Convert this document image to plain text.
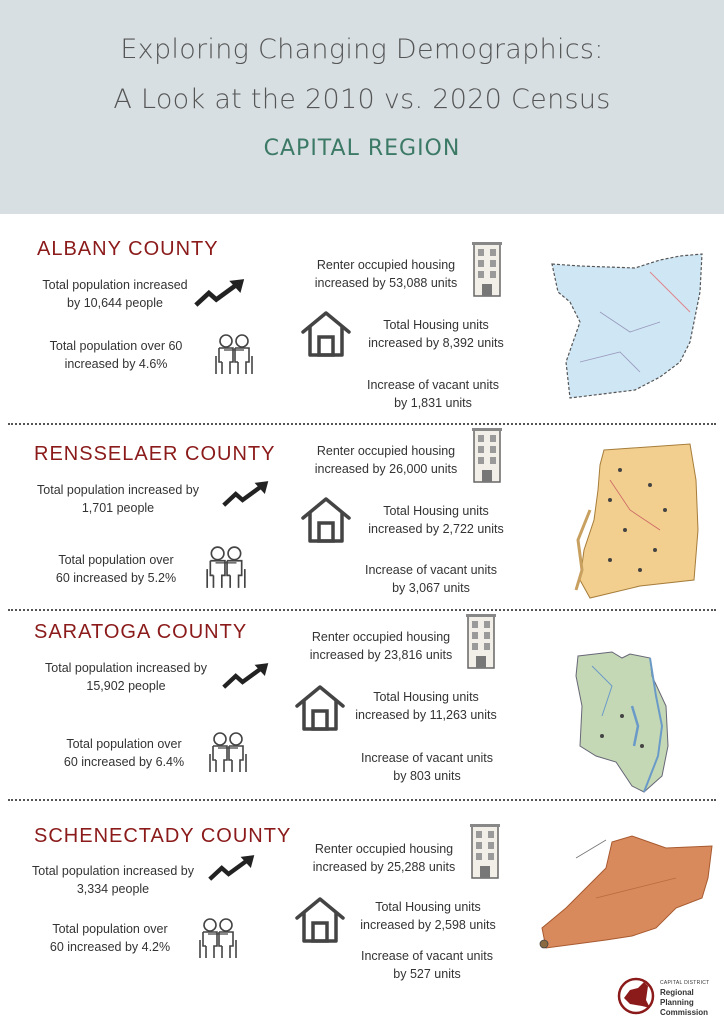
Exploring Changing Demographics:
A Look at the 2010 vs. 2020 Census
CAPITAL REGION
ALBANY COUNTY
Total population increased
by 10,644 people
Total population over 60
increased by 4.6%
Renter occupied housing
increased by 53,088 units
Total Housing units
increased by 8,392 units
Increase of vacant units
by 1,831 units
RENSSELAER COUNTY
Total population increased by
1,701 people
Total population over
60 increased by 5.2%
Renter occupied housing
increased by 26,000 units
Total Housing units
increased by 2,722 units
Increase of vacant units
by 3,067 units
SARATOGA COUNTY
Total population increased by
15,902 people
Total population over
60 increased by 6.4%
Renter occupied housing
increased by 23,816 units
Total Housing units
increased by 11,263 units
Increase of vacant units
by 803 units
SCHENECTADY COUNTY
Total population increased by
3,334 people
Total population over
60 increased by 4.2%
Renter occupied housing
increased by 25,288 units
Total Housing units
increased by 2,598 units
Increase of vacant units
by 527 units
CAPITAL DISTRICT
Regional
Planning
Commission
